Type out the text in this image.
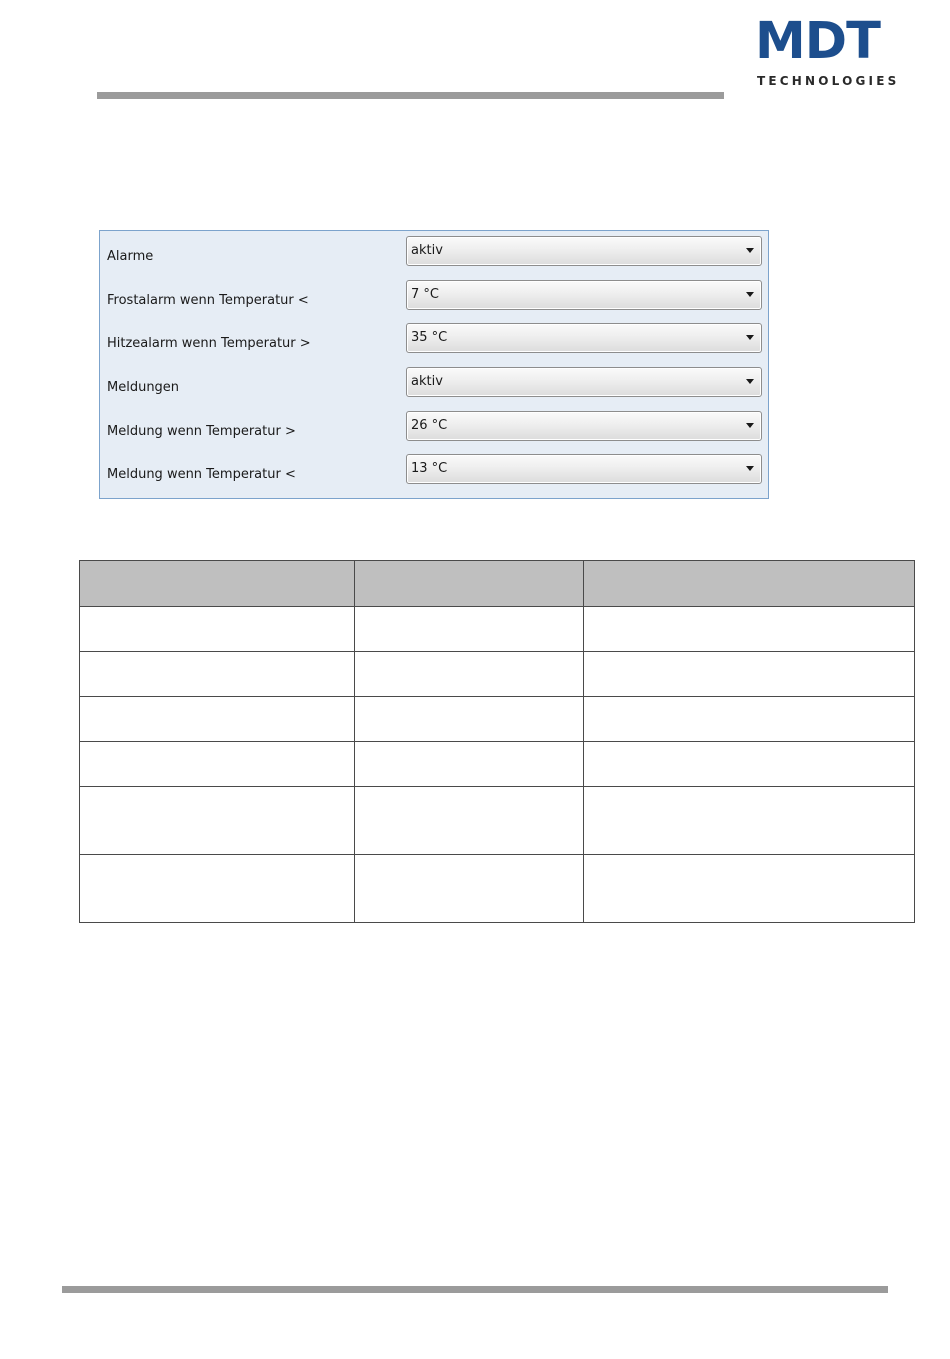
MDT
TECHNOLOGIES
Alarme	aktiv
Frostalarm wenn Temperatur <	7 °C
Hitzealarm wenn Temperatur >	35 °C
Meldungen	aktiv
Meldung wenn Temperatur >	26 °C
Meldung wenn Temperatur <	13 °C
